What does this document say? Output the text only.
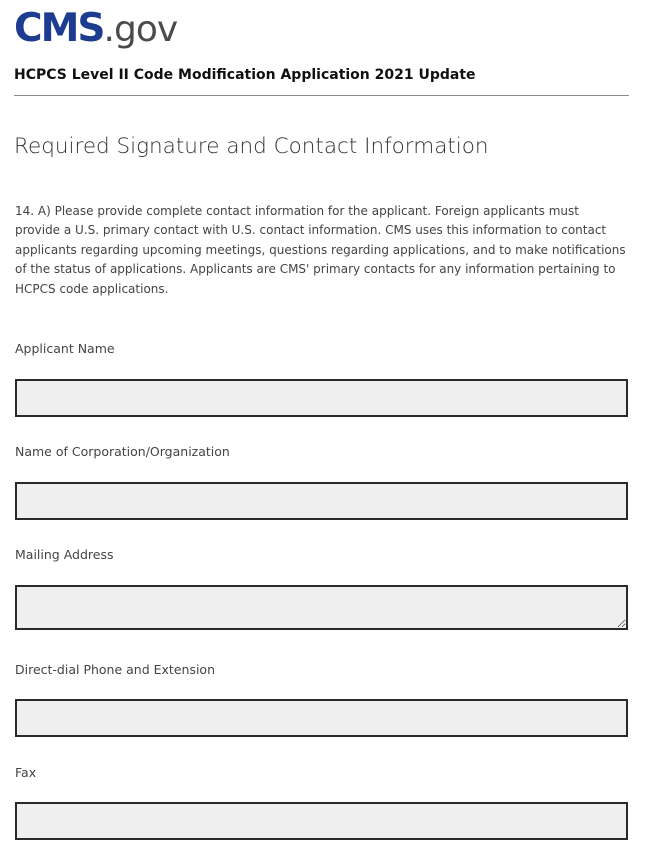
CMS .gov
HCPCS Level II Code Modification Application 2021 Update
Required Signature and Contact Information
14. A) Please provide complete contact information for the applicant. Foreign applicants must provide a U.S. primary contact with U.S. contact information. CMS uses this information to contact applicants regarding upcoming meetings, questions regarding applications, and to make notifications of the status of applications. Applicants are CMS' primary contacts for any information pertaining to HCPCS code applications.
Applicant Name
Name of Corporation/Organization
Mailing Address
Direct-dial Phone and Extension
Fax
